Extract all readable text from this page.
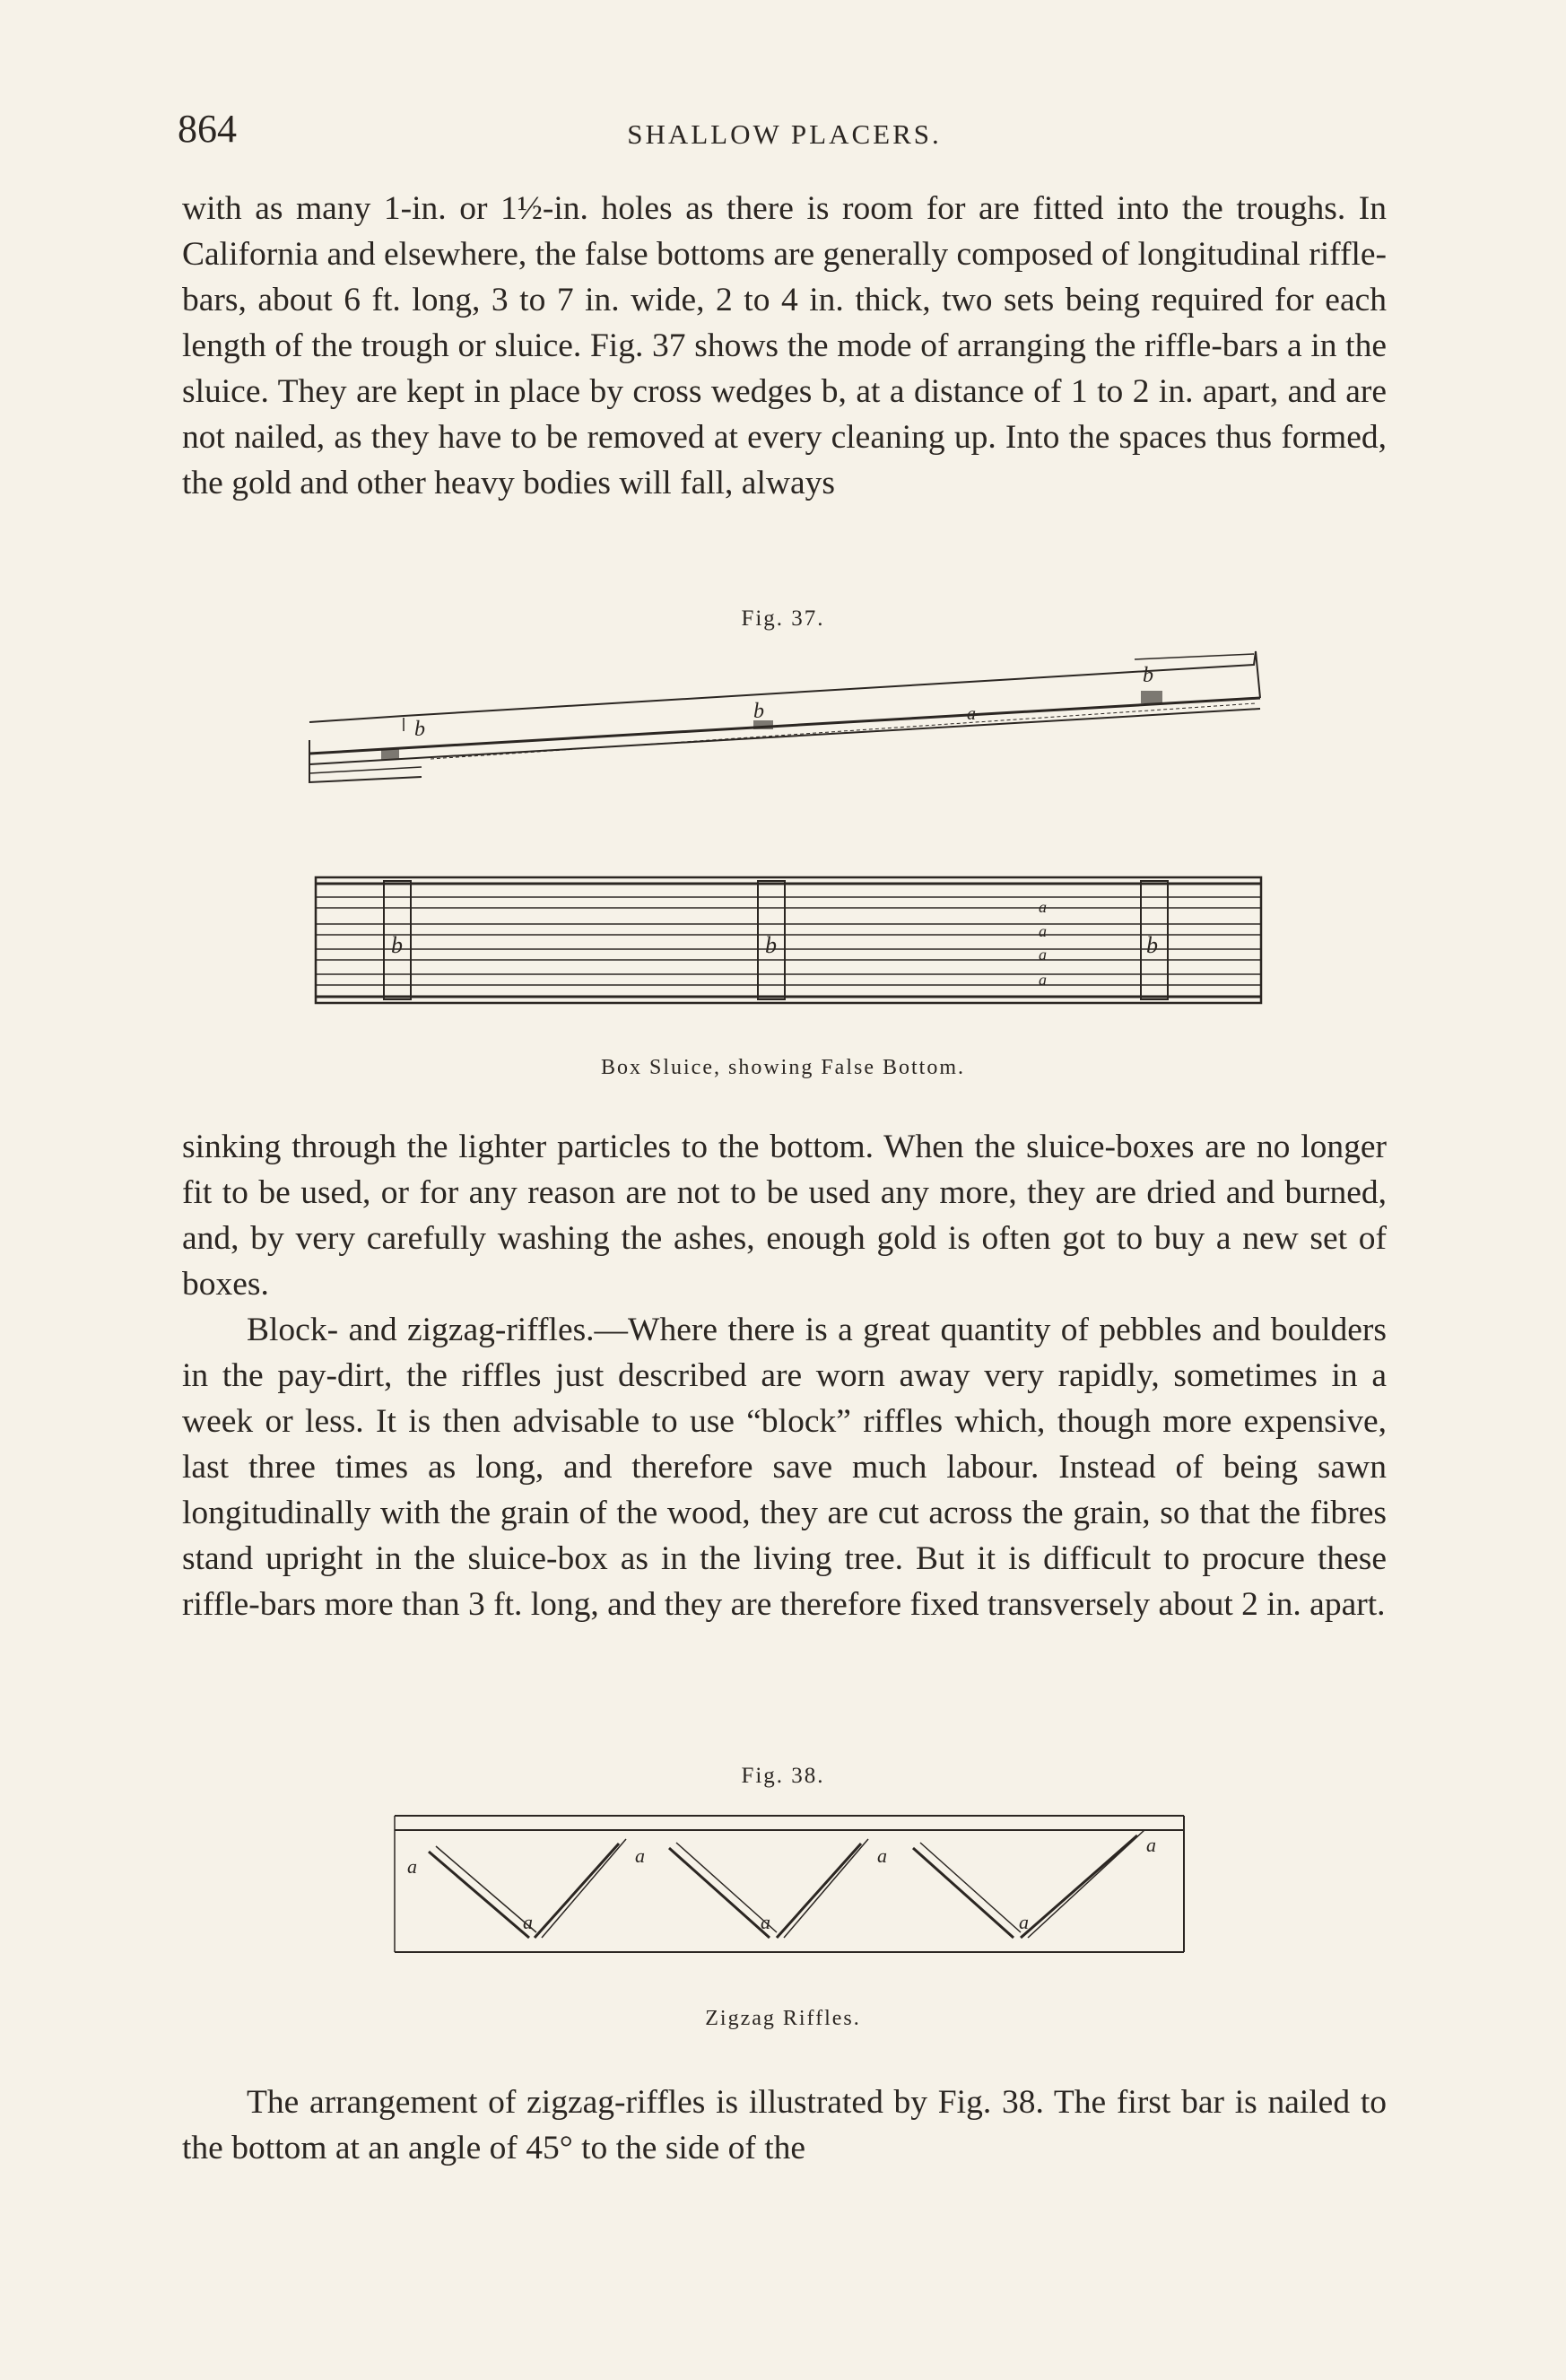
864	SHALLOW PLACERS.

with as many 1-in. or 1½-in. holes as there is room for are fitted into the troughs. In California and elsewhere, the false bottoms are generally composed of longitudinal riffle-bars, about 6 ft. long, 3 to 7 in. wide, 2 to 4 in. thick, two sets being required for each length of the trough or sluice. Fig. 37 shows the mode of arranging the riffle-bars a in the sluice. They are kept in place by cross wedges b, at a distance of 1 to 2 in. apart, and are not nailed, as they have to be removed at every cleaning up. Into the spaces thus formed, the gold and other heavy bodies will fall, always

Fig. 37.
b
b	a
b
b	b	b
a
a
a
a
Box Sluice, showing False Bottom.

sinking through the lighter particles to the bottom. When the sluice-boxes are no longer fit to be used, or for any reason are not to be used any more, they are dried and burned, and, by very carefully washing the ashes, enough gold is often got to buy a new set of boxes.

Block- and zigzag-riffles.—Where there is a great quantity of pebbles and boulders in the pay-dirt, the riffles just described are worn away very rapidly, sometimes in a week or less. It is then advisable to use “block” riffles which, though more expensive, last three times as long, and therefore save much labour. Instead of being sawn longitudinally with the grain of the wood, they are cut across the grain, so that the fibres stand upright in the sluice-box as in the living tree. But it is difficult to procure these riffle-bars more than 3 ft. long, and they are therefore fixed transversely about 2 in. apart.

Fig. 38.
a
a
a
a
a
a
a
Zigzag Riffles.

The arrangement of zigzag-riffles is illustrated by Fig. 38. The first bar is nailed to the bottom at an angle of 45° to the side of the
